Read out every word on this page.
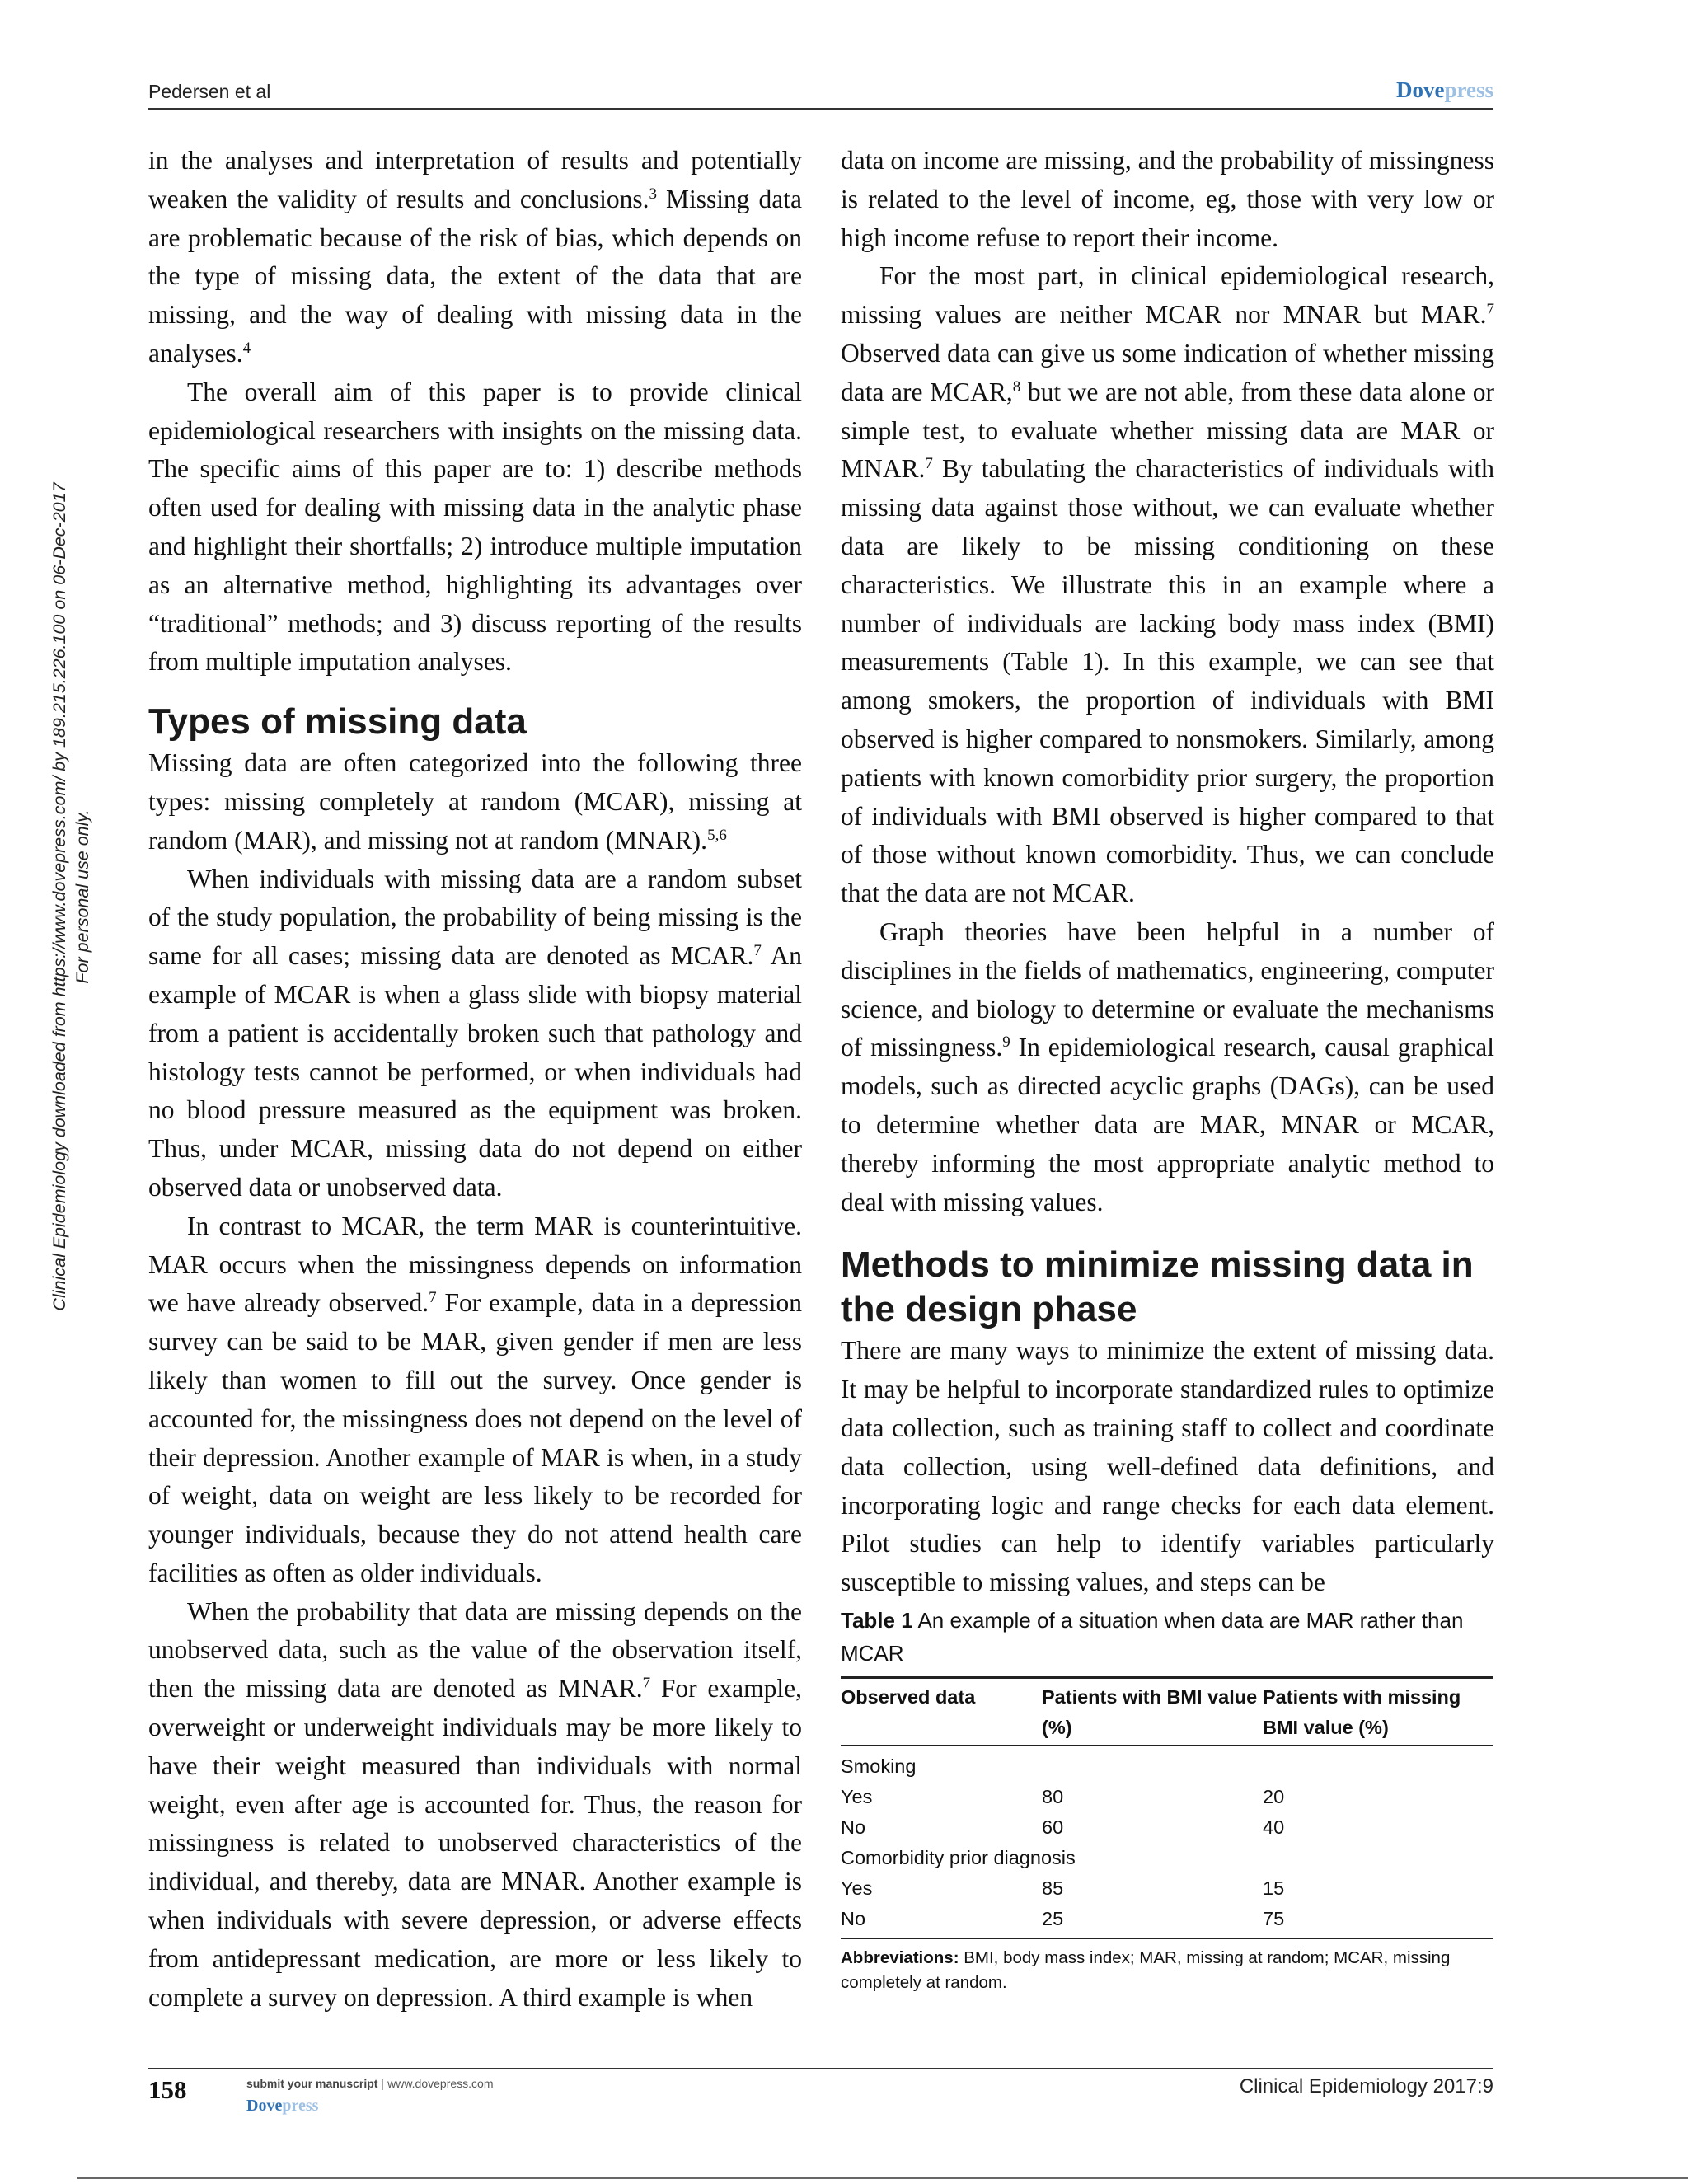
Pedersen et al	Dovepress
Clinical Epidemiology downloaded from https://www.dovepress.com/ by 189.215.226.100 on 06-Dec-2017 For personal use only.

in the analyses and interpretation of results and potentially weaken the validity of results and conclusions.$^3$ Missing data are problematic because of the risk of bias, which depends on the type of missing data, the extent of the data that are missing, and the way of dealing with missing data in the analyses.$^4$

The overall aim of this paper is to provide clinical epidemiological researchers with insights on the missing data. The specific aims of this paper are to: 1) describe methods often used for dealing with missing data in the analytic phase and highlight their shortfalls; 2) introduce multiple imputation as an alternative method, highlighting its advantages over “traditional” methods; and 3) discuss reporting of the results from multiple imputation analyses.

Types of missing data

Missing data are often categorized into the following three types: missing completely at random (MCAR), missing at random (MAR), and missing not at random (MNAR).$^{5,6}$

When individuals with missing data are a random subset of the study population, the probability of being missing is the same for all cases; missing data are denoted as MCAR.$^7$ An example of MCAR is when a glass slide with biopsy material from a patient is accidentally broken such that pathology and histology tests cannot be performed, or when individuals had no blood pressure measured as the equipment was broken. Thus, under MCAR, missing data do not depend on either observed data or unobserved data.

In contrast to MCAR, the term MAR is counterintuitive. MAR occurs when the missingness depends on information we have already observed.$^7$ For example, data in a depression survey can be said to be MAR, given gender if men are less likely than women to fill out the survey. Once gender is accounted for, the missingness does not depend on the level of their depression. Another example of MAR is when, in a study of weight, data on weight are less likely to be recorded for younger individuals, because they do not attend health care facilities as often as older individuals.

When the probability that data are missing depends on the unobserved data, such as the value of the observation itself, then the missing data are denoted as MNAR.$^7$ For example, overweight or underweight individuals may be more likely to have their weight measured than individuals with normal weight, even after age is accounted for. Thus, the reason for missingness is related to unobserved characteristics of the individual, and thereby, data are MNAR. Another example is when individuals with severe depression, or adverse effects from antidepressant medication, are more or less likely to complete a survey on depression. A third example is when

data on income are missing, and the probability of missingness is related to the level of income, eg, those with very low or high income refuse to report their income.

For the most part, in clinical epidemiological research, missing values are neither MCAR nor MNAR but MAR.$^7$ Observed data can give us some indication of whether missing data are MCAR,$^8$ but we are not able, from these data alone or simple test, to evaluate whether missing data are MAR or MNAR.$^7$ By tabulating the characteristics of individuals with missing data against those without, we can evaluate whether data are likely to be missing conditioning on these characteristics. We illustrate this in an example where a number of individuals are lacking body mass index (BMI) measurements (Table 1). In this example, we can see that among smokers, the proportion of individuals with BMI observed is higher compared to nonsmokers. Similarly, among patients with known comorbidity prior surgery, the proportion of individuals with BMI observed is higher compared to that of those without known comorbidity. Thus, we can conclude that the data are not MCAR.

Graph theories have been helpful in a number of disciplines in the fields of mathematics, engineering, computer science, and biology to determine or evaluate the mechanisms of missingness.$^9$ In epidemiological research, causal graphical models, such as directed acyclic graphs (DAGs), can be used to determine whether data are MAR, MNAR or MCAR, thereby informing the most appropriate analytic method to deal with missing values.

Methods to minimize missing data in the design phase

There are many ways to minimize the extent of missing data. It may be helpful to incorporate standardized rules to optimize data collection, such as training staff to collect and coordinate data collection, using well-defined data definitions, and incorporating logic and range checks for each data element. Pilot studies can help to identify variables particularly susceptible to missing values, and steps can be

Table 1 An example of a situation when data are MAR rather than MCAR
Observed data	Patients with BMI value (%)	Patients with missing BMI value (%)
Smoking		
Yes	80	20
No	60	40
Comorbidity prior diagnosis		
Yes	85	15
No	25	75
Abbreviations: BMI, body mass index; MAR, missing at random; MCAR, missing completely at random.
158	submit your manuscript | www.dovepress.com
Dovepress
Clinical Epidemiology 2017:9
